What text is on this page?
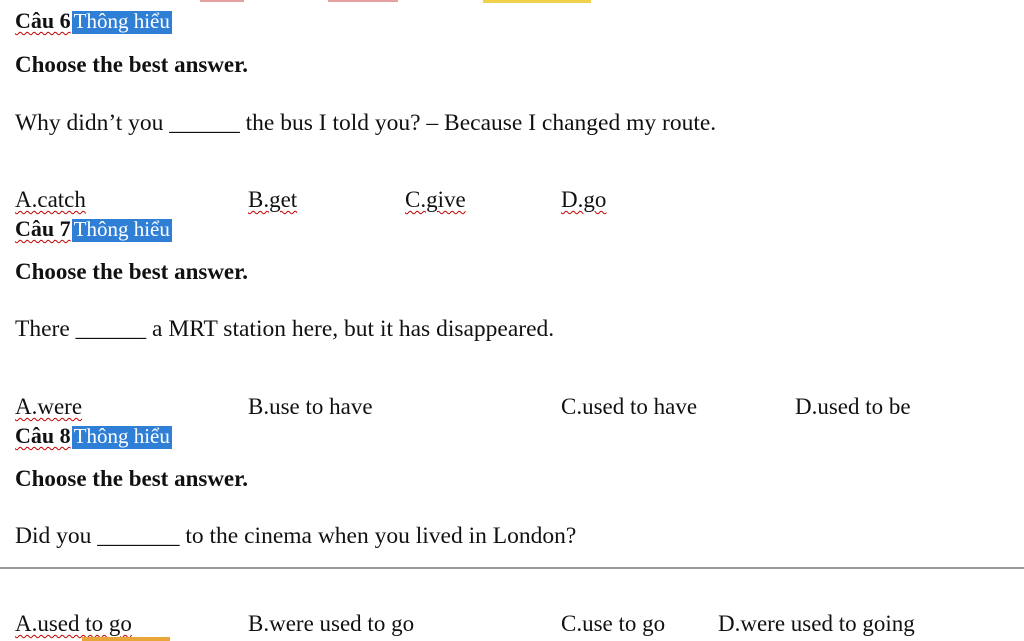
Câu 6 Thông hiểu
Choose the best answer.
Why didn’t you ______ the bus I told you? – Because I changed my route.
A.catch	B.get	C.give	D.go
Câu 7 Thông hiểu
Choose the best answer.
There ______ a MRT station here, but it has disappeared.
A.were	B.use to have	C.used to have	D.used to be
Câu 8 Thông hiểu
Choose the best answer.
Did you _______ to the cinema when you lived in London?
A.used to go	B.were used to go	C.use to go D.were used to going
